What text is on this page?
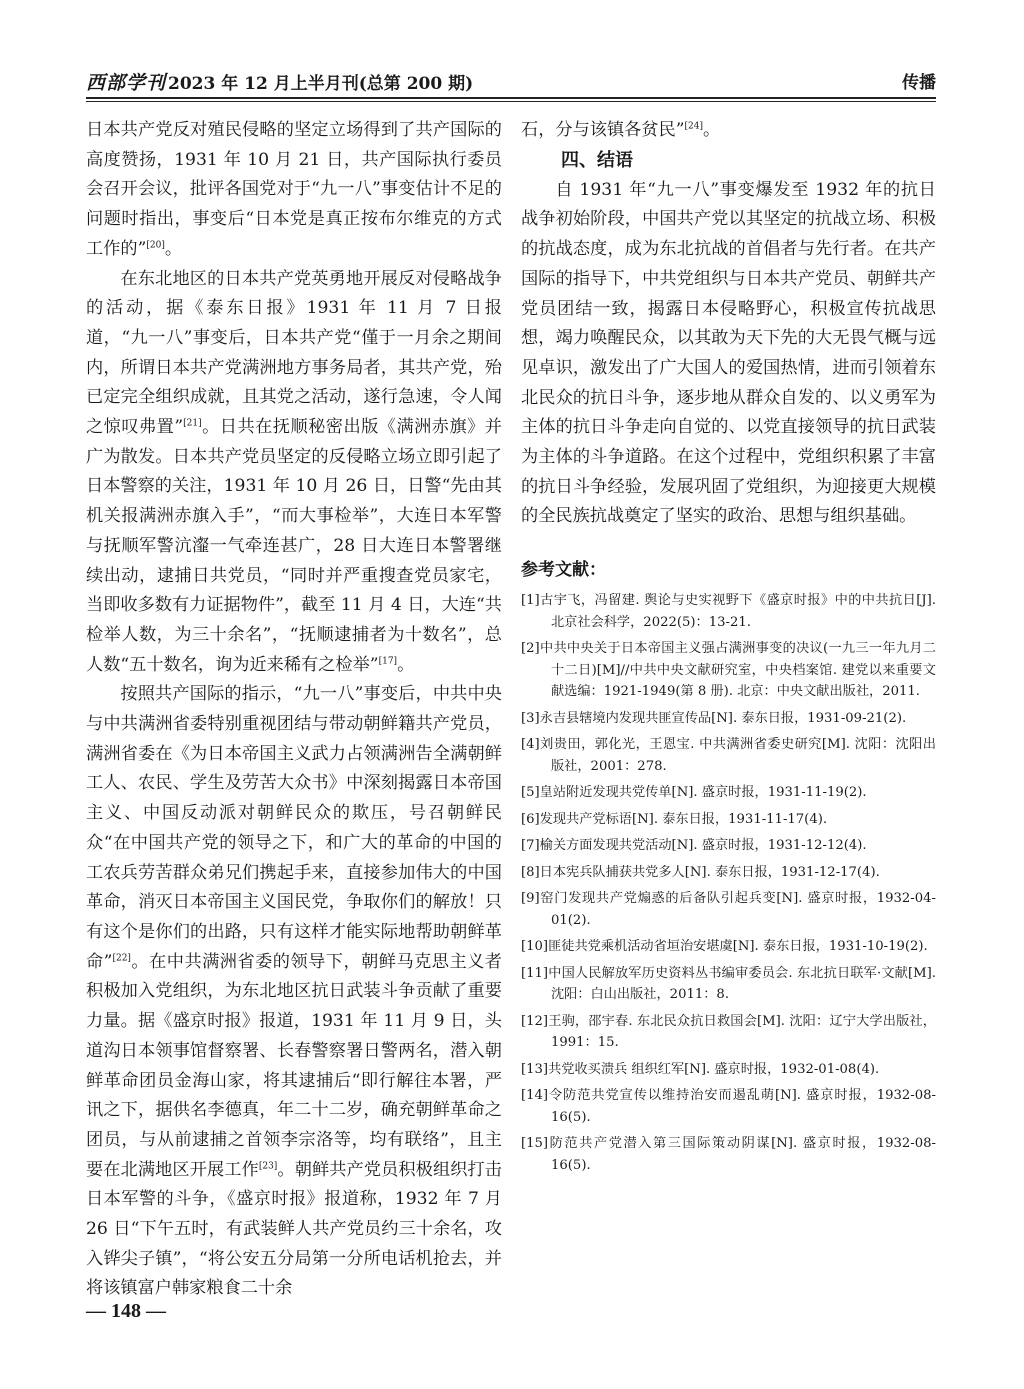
西部学刊 2023 年 12 月上半月刊(总第 200 期)	传播

日本共产党反对殖民侵略的坚定立场得到了共产国际的高度赞扬，1931 年 10 月 21 日，共产国际执行委员会召开会议，批评各国党对于“九一八”事变估计不足的问题时指出，事变后“日本党是真正按布尔维克的方式工作的”[20]。

在东北地区的日本共产党英勇地开展反对侵略战争的活动，据《泰东日报》1931 年 11 月 7 日报道，“九一八”事变后，日本共产党“僅于一月余之期间内，所谓日本共产党满洲地方事务局者，其共产党，殆已定完全组织成就，且其党之活动，遂行急速，令人闻之惊叹弗置”[21]。日共在抚顺秘密出版《满洲赤旗》并广为散发。日本共产党员坚定的反侵略立场立即引起了日本警察的关注，1931 年 10 月 26 日，日警“先由其机关报满洲赤旗入手”，“而大事检举”，大连日本军警与抚顺军警沆瀣一气牵连甚广，28 日大连日本警署继续出动，逮捕日共党员，“同时并严重搜查党员家宅，当即收多数有力证据物件”，截至 11 月 4 日，大连“共检举人数，为三十余名”，“抚顺逮捕者为十数名”，总人数“五十数名，询为近来稀有之检举”[17]。

按照共产国际的指示，“九一八”事变后，中共中央与中共满洲省委特别重视团结与带动朝鲜籍共产党员，满洲省委在《为日本帝国主义武力占领满洲告全满朝鲜工人、农民、学生及劳苦大众书》中深刻揭露日本帝国主义、中国反动派对朝鲜民众的欺压，号召朝鲜民众“在中国共产党的领导之下，和广大的革命的中国的工农兵劳苦群众弟兄们携起手来，直接参加伟大的中国革命，消灭日本帝国主义国民党，争取你们的解放！只有这个是你们的出路，只有这样才能实际地帮助朝鲜革命”[22]。在中共满洲省委的领导下，朝鲜马克思主义者积极加入党组织，为东北地区抗日武装斗争贡献了重要力量。据《盛京时报》报道，1931 年 11 月 9 日，头道沟日本领事馆督察署、长春警察署日警两名，潜入朝鲜革命团员金海山家，将其逮捕后“即行解往本署，严讯之下，据供名李德真，年二十二岁，确充朝鲜革命之团员，与从前逮捕之首领李宗洛等，均有联络”，且主要在北满地区开展工作[23]。朝鲜共产党员积极组织打击日本军警的斗争，《盛京时报》报道称，1932 年 7 月 26 日“下午五时，有武装鲜人共产党员约三十余名，攻入铧尖子镇”，“将公安五分局第一分所电话机抢去，并将该镇富户韩家粮食二十余

石，分与该镇各贫民”[24]。

四、结语

自 1931 年“九一八”事变爆发至 1932 年的抗日战争初始阶段，中国共产党以其坚定的抗战立场、积极的抗战态度，成为东北抗战的首倡者与先行者。在共产国际的指导下，中共党组织与日本共产党员、朝鲜共产党员团结一致，揭露日本侵略野心，积极宣传抗战思想，竭力唤醒民众，以其敢为天下先的大无畏气概与远见卓识，激发出了广大国人的爱国热情，进而引领着东北民众的抗日斗争，逐步地从群众自发的、以义勇军为主体的抗日斗争走向自觉的、以党直接领导的抗日武装为主体的斗争道路。在这个过程中，党组织积累了丰富的抗日斗争经验，发展巩固了党组织，为迎接更大规模的全民族抗战奠定了坚实的政治、思想与组织基础。

参考文献：
[1]古宇飞，冯留建. 舆论与史实视野下《盛京时报》中的中共抗日[J]. 北京社会科学，2022(5)：13-21.
[2]中共中央关于日本帝国主义强占满洲事变的决议(一九三一年九月二十二日)[M]//中共中央文献研究室，中央档案馆. 建党以来重要文献选编：1921-1949(第 8 册). 北京：中央文献出版社，2011.
[3]永吉县辖境内发现共匪宣传品[N]. 泰东日报，1931-09-21(2).
[4]刘贵田，郭化光，王恩宝. 中共满洲省委史研究[M]. 沈阳：沈阳出版社，2001：278.
[5]皇站附近发现共党传单[N]. 盛京时报，1931-11-19(2).
[6]发现共产党标语[N]. 泰东日报，1931-11-17(4).
[7]榆关方面发现共党活动[N]. 盛京时报，1931-12-12(4).
[8]日本宪兵队捕获共党多人[N]. 泰东日报，1931-12-17(4).
[9]窑门发现共产党煽惑的后备队引起兵变[N]. 盛京时报，1932-04-01(2).
[10]匪徒共党乘机活动省垣治安堪虞[N]. 泰东日报，1931-10-19(2).
[11]中国人民解放军历史资料丛书编审委员会. 东北抗日联军·文献[M]. 沈阳：白山出版社，2011：8.
[12]王驹，邵宇春. 东北民众抗日救国会[M]. 沈阳：辽宁大学出版社，1991：15.
[13]共党收买溃兵 组织红军[N]. 盛京时报，1932-01-08(4).
[14]令防范共党宣传以维持治安而遏乱萌[N]. 盛京时报，1932-08-16(5).
[15]防范共产党潜入第三国际策动阴谋[N]. 盛京时报，1932-08-16(5).
— 148 —
